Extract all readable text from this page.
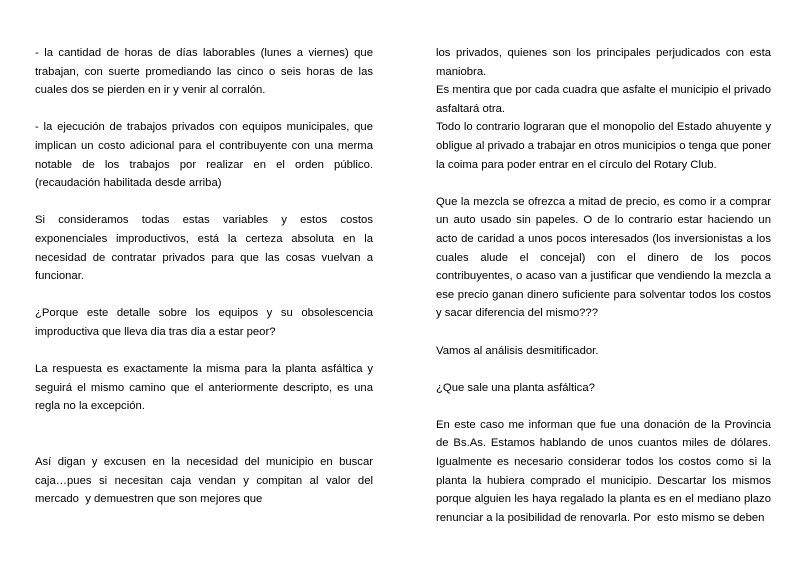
- la cantidad de horas de días laborables (lunes a viernes) que trabajan, con suerte promediando las cinco o seis horas de las cuales dos se pierden en ir y venir al corralón.

- la ejecución de trabajos privados con equipos municipales, que implican un costo adicional para el contribuyente con una merma notable de los trabajos por realizar en el orden público. (recaudación habilitada desde arriba)

Si consideramos todas estas variables y estos costos exponenciales improductivos, está la certeza absoluta en la necesidad de contratar privados para que las cosas vuelvan a funcionar.

¿Porque este detalle sobre los equipos y su obsolescencia improductiva que lleva dia tras dia a estar peor?

La respuesta es exactamente la misma para la planta asfáltica y seguirá el mismo camino que el anteriormente descripto, es una regla no la excepción.

Así digan y excusen en la necesidad del municipio en buscar caja…pues si necesitan caja vendan y compitan al valor del mercado  y demuestren que son mejores que

los privados, quienes son los principales perjudicados con esta maniobra.

Es mentira que por cada cuadra que asfalte el municipio el privado asfaltará otra.

Todo lo contrario lograran que el monopolio del Estado ahuyente y obligue al privado a trabajar en otros municipios o tenga que poner la coima para poder entrar en el círculo del Rotary Club.

Que la mezcla se ofrezca a mitad de precio, es como ir a comprar un auto usado sin papeles. O de lo contrario estar haciendo un acto de caridad a unos pocos interesados (los inversionistas a los cuales alude el concejal) con el dinero de los pocos contribuyentes, o acaso van a justificar que vendiendo la mezcla a ese precio ganan dinero suficiente para solventar todos los costos y sacar diferencia del mismo???

Vamos al análisis desmitificador.

¿Que sale una planta asfáltica?

En este caso me informan que fue una donación de la Provincia de Bs.As. Estamos hablando de unos cuantos miles de dólares. Igualmente es necesario considerar todos los costos como si la planta la hubiera comprado el municipio. Descartar los mismos porque alguien les haya regalado la planta es en el mediano plazo renunciar a la posibilidad de renovarla. Por  esto mismo se deben
